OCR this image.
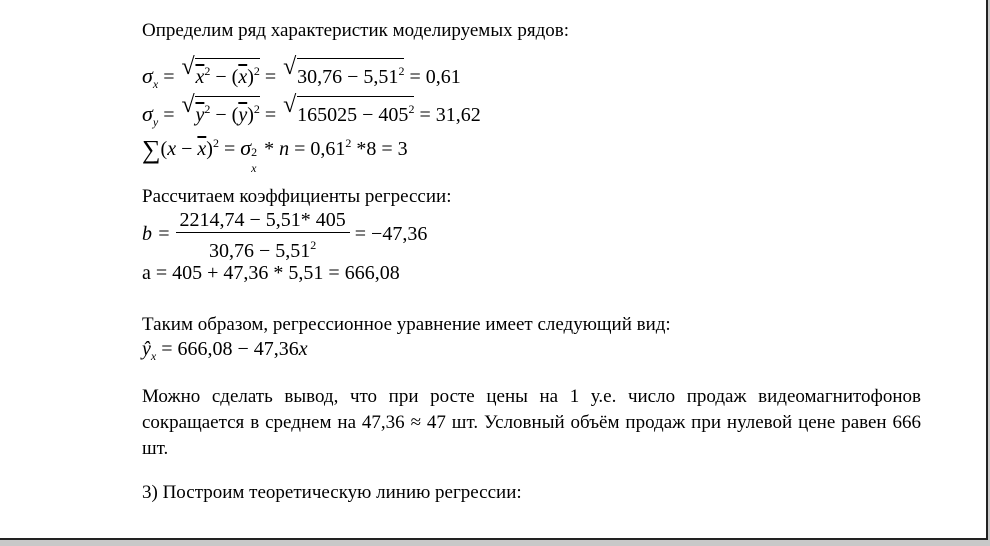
Определим ряд характеристик моделируемых рядов:
$\sigma_x$ = √ $x^2 - (\overline{x})^2$ = √ $30,76 - 5,51^2 = 0,61$
$\sigma_y$ = √ $y^2 - (\overline{y})^2$ = √ $165025 - 405^2 = 31,62$
$\sum(x - \overline{x})^2 = \sigma$ 2
x
* $n = 0,61^2$ *8 = 3
Рассчитаем коэффициенты регрессии:
$b = \frac{2214,74 - 5,51* 405}{30,76 - 5,51^2} = -47,36$
a = 405 + 47,36 * 5,51 = 666,08
Таким образом, регрессионное уравнение имеет следующий вид:
$ŷ_x = 666,08 - 47,36x$
Можно сделать вывод, что при росте цены на 1 у.е. число продаж видеомагнитофонов сокращается в среднем на 47,36 ≈ 47 шт. Условный объём продаж при нулевой цене равен 666 шт.
3) Построим теоретическую линию регрессии:
